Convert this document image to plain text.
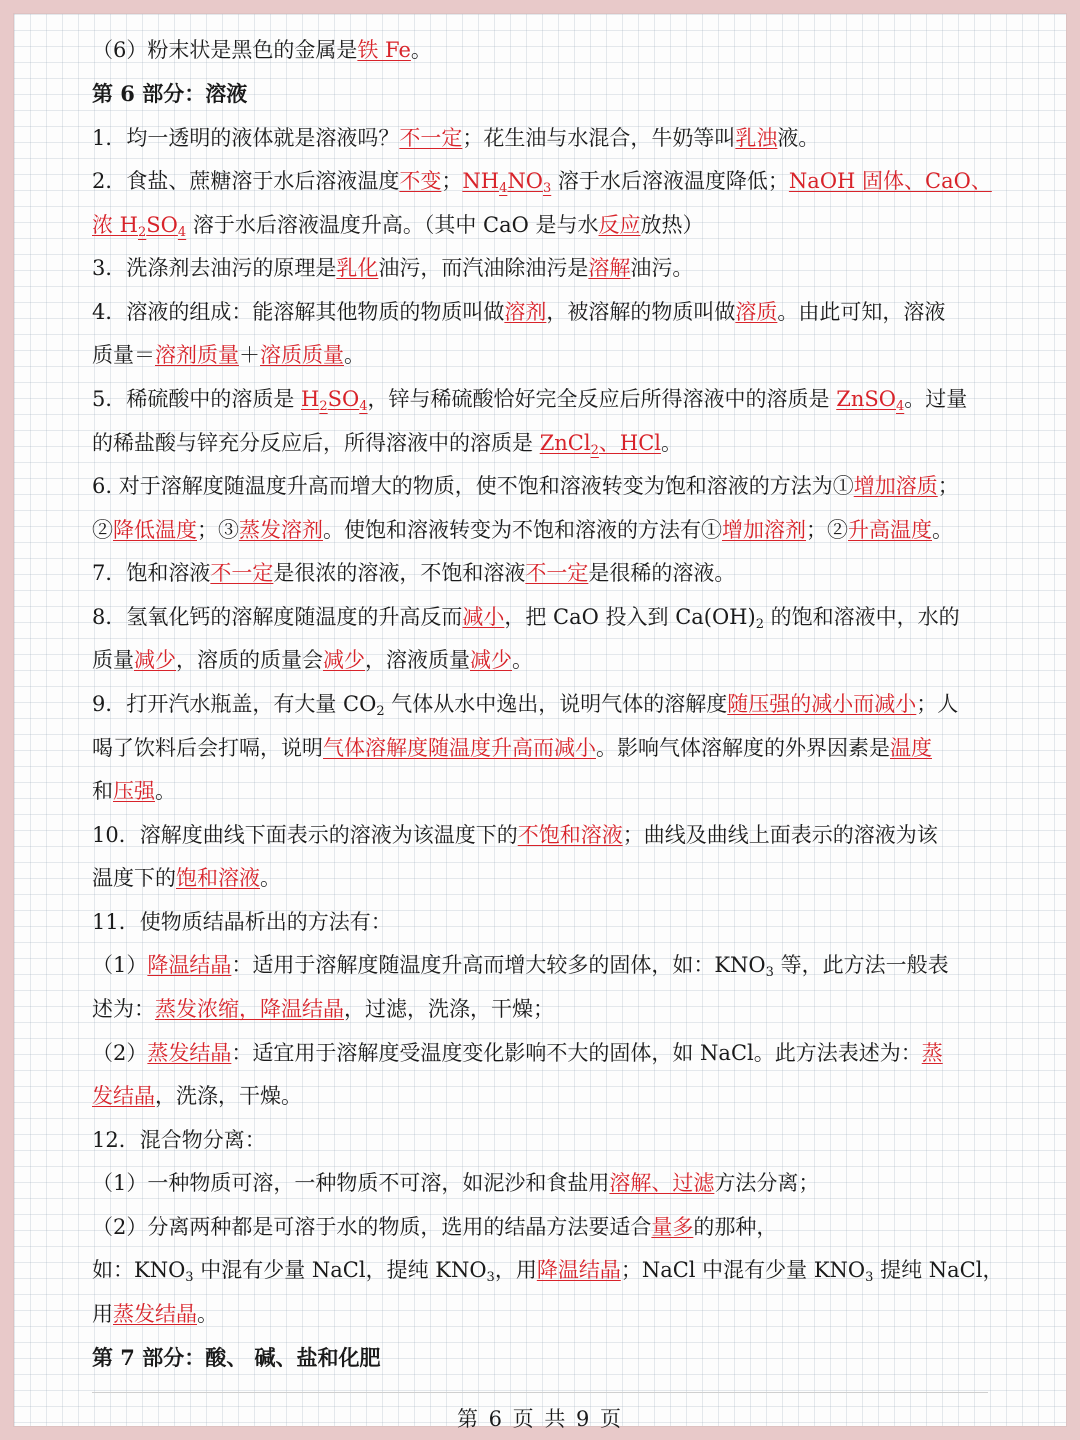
（6）粉末状是黑色的金属是铁 Fe。
第 6 部分：溶液
1．均一透明的液体就是溶液吗？不一定；花生油与水混合，牛奶等叫乳浊液。
2．食盐、蔗糖溶于水后溶液温度不变；$NH_4NO_3$ 溶于水后溶液温度降低；NaOH 固体、CaO、
浓 $H_2SO_4$ 溶于水后溶液温度升高。（其中 CaO 是与水反应放热）
3．洗涤剂去油污的原理是乳化油污，而汽油除油污是溶解油污。
4．溶液的组成：能溶解其他物质的物质叫做溶剂，被溶解的物质叫做溶质。由此可知，溶液
质量＝溶剂质量＋溶质质量。
5．稀硫酸中的溶质是 $H_2SO_4$，锌与稀硫酸恰好完全反应后所得溶液中的溶质是 ZnSO$_4$。过量
的稀盐酸与锌充分反应后，所得溶液中的溶质是 ZnCl$_2$、HCl。
6. 对于溶解度随温度升高而增大的物质，使不饱和溶液转变为饱和溶液的方法为①增加溶质；
②降低温度；③蒸发溶剂。使饱和溶液转变为不饱和溶液的方法有①增加溶剂；②升高温度。
7．饱和溶液不一定是很浓的溶液，不饱和溶液不一定是很稀的溶液。
8．氢氧化钙的溶解度随温度的升高反而减小，把 CaO 投入到 $Ca(OH)_2$ 的饱和溶液中，水的
质量减少，溶质的质量会减少，溶液质量减少。
9．打开汽水瓶盖，有大量 $CO_2$ 气体从水中逸出，说明气体的溶解度随压强的减小而减小；人
喝了饮料后会打嗝，说明气体溶解度随温度升高而减小。影响气体溶解度的外界因素是温度
和压强。
10．溶解度曲线下面表示的溶液为该温度下的不饱和溶液；曲线及曲线上面表示的溶液为该
温度下的饱和溶液。
11．使物质结晶析出的方法有：
（1）降温结晶：适用于溶解度随温度升高而增大较多的固体，如：$KNO_3$ 等，此方法一般表
述为：蒸发浓缩，降温结晶，过滤，洗涤，干燥；
（2）蒸发结晶：适宜用于溶解度受温度变化影响不大的固体，如 NaCl。此方法表述为：蒸
发结晶，洗涤，干燥。
12．混合物分离：
（1）一种物质可溶，一种物质不可溶，如泥沙和食盐用溶解、过滤方法分离；
（2）分离两种都是可溶于水的物质，选用的结晶方法要适合量多的那种，
如：$KNO_3$ 中混有少量 NaCl，提纯 $KNO_3$，用降温结晶；NaCl 中混有少量 $KNO_3$ 提纯 NaCl，
用蒸发结晶。
第 7 部分：酸、 碱、盐和化肥
第 6 页 共 9 页
